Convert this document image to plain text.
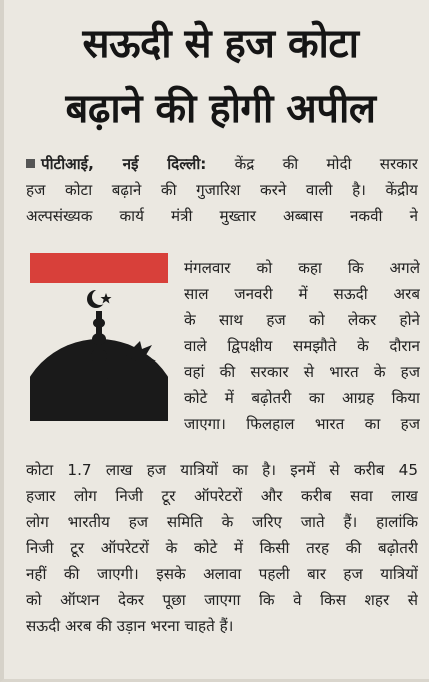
सऊदी से हज कोटा
बढ़ाने की होगी अपील
पीटीआई, नई दिल्ली: केंद्र की मोदी सरकार
हज कोटा बढ़ाने की गुजारिश करने वाली है। केंद्रीय
अल्पसंख्यक कार्य मंत्री मुख्तार अब्बास नकवी ने
मंगलवार को कहा कि अगले
साल जनवरी में सऊदी अरब
के साथ हज को लेकर होने
वाले द्विपक्षीय समझौते के दौरान
वहां की सरकार से भारत के हज
कोटे में बढ़ोतरी का आग्रह किया
जाएगा। फिलहाल भारत का हज
कोटा 1.7 लाख हज यात्रियों का है। इनमें से करीब 45
हजार लोग निजी टूर ऑपरेटरों और करीब सवा लाख
लोग भारतीय हज समिति के जरिए जाते हैं। हालांकि
निजी टूर ऑपरेटरों के कोटे में किसी तरह की बढ़ोतरी
नहीं की जाएगी। इसके अलावा पहली बार हज यात्रियों
को ऑप्शन देकर पूछा जाएगा कि वे किस शहर से
सऊदी अरब की उड़ान भरना चाहते हैं।
